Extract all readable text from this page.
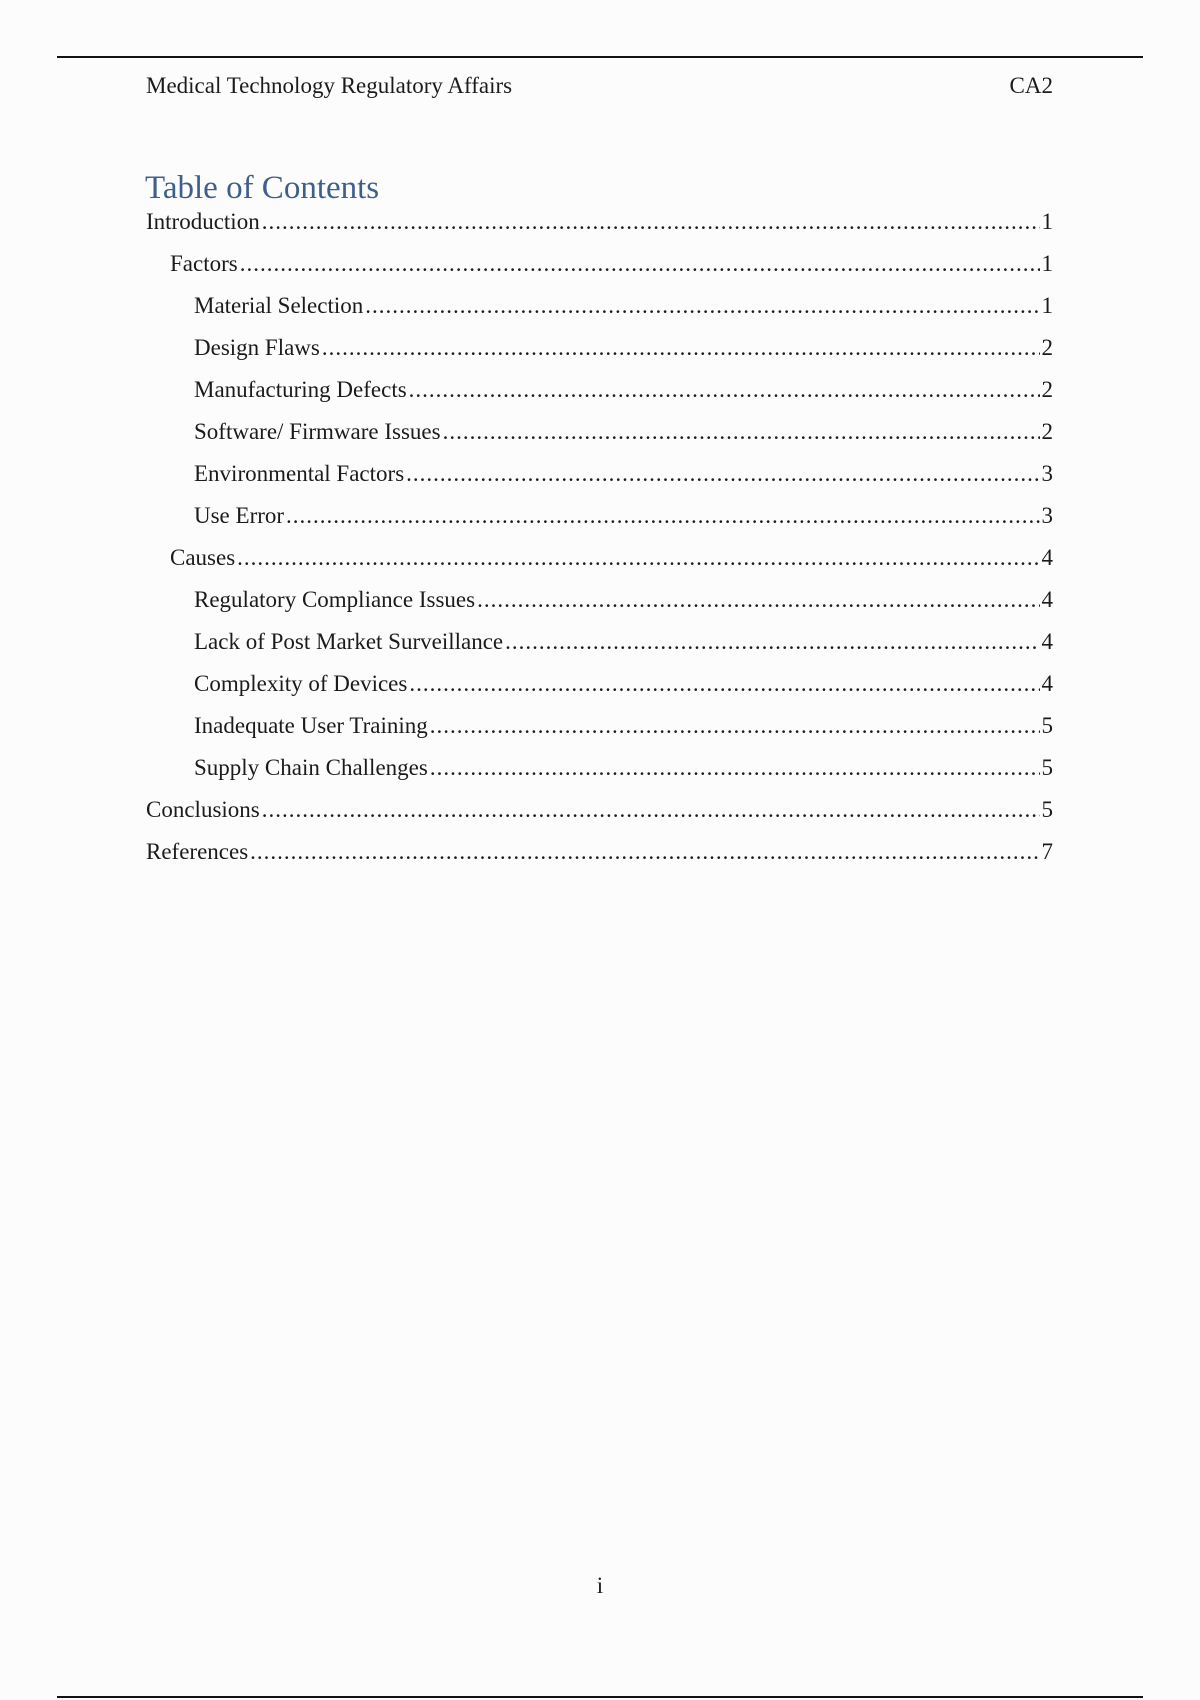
Medical Technology Regulatory Affairs	CA2
Table of Contents
Introduction .....	1
Factors .....	1
Material Selection .....	1
Design Flaws .....	2
Manufacturing Defects .....	2
Software/ Firmware Issues .....	2
Environmental Factors .....	3
Use Error .....	3
Causes .....	4
Regulatory Compliance Issues .....	4
Lack of Post Market Surveillance .....	4
Complexity of Devices .....	4
Inadequate User Training .....	5
Supply Chain Challenges .....	5
Conclusions .....	5
References .....	7
i
